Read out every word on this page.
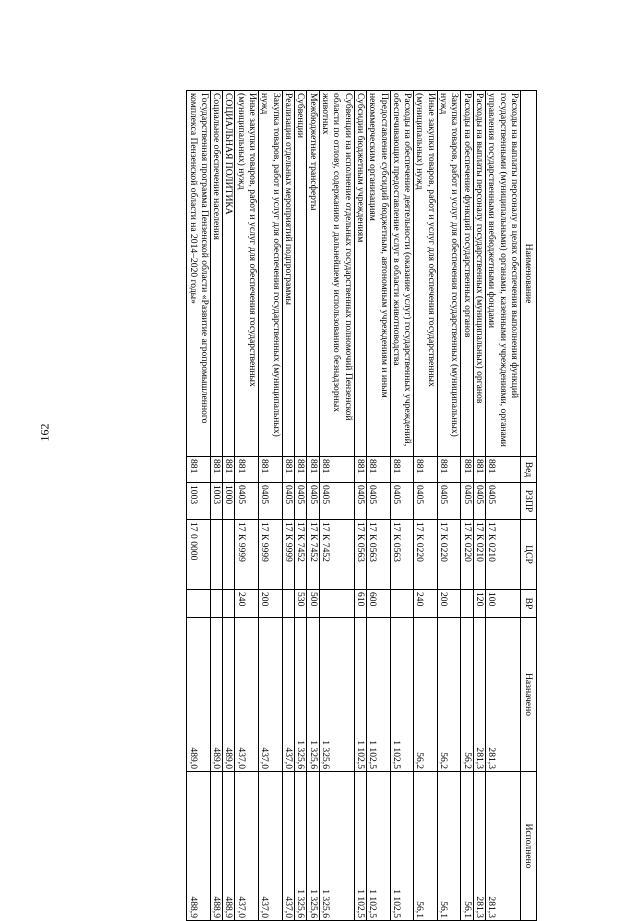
162
Наименование	Вед	РЗПР	ЦСР	ВР	Назначено	Исполнено
Расходы на выплаты персоналу в целях обеспечения выполнения функций государственными (муниципальными) органами, казенными учреждениями, органами управления государственными внебюджетными фондами	881	0405	17 К 0210	100	281,3	281,3
Расходы на выплаты персоналу государственных (муниципальных) органов	881	0405	17 К 0210	120	281,3	281,3
Расходы на обеспечение функций государственных органов	881	0405	17 К 0220		56,2	56,1
Закупка товаров, работ и услуг для обеспечения государственных (муниципальных) нужд	881	0405	17 К 0220	200	56,2	56,1
Иные закупки товаров, работ и услуг для обеспечения государственных (муниципальных) нужд	881	0405	17 К 0220	240	56,2	56,1
Расходы на обеспечение деятельности (оказание услуг) государственных учреждений, обеспечивающих предоставление услуг в области животноводства	881	0405	17 К 0563		1 102,5	1 102,5
Предоставление субсидий бюджетным, автономным учреждениям и иным некоммерческим организациям	881	0405	17 К 0563	600	1 102,5	1 102,5
Субсидии бюджетным учреждениям	881	0405	17 К 0563	610	1 102,5	1 102,5
Субвенции на исполнение отдельных государственных полномочий Пензенской области по отлову, содержанию и дальнейшему использованию безнадзорных животных	881	0405	17 К 7452		1 325,6	1 325,6
Межбюджетные трансферты	881	0405	17 К 7452	500	1 325,6	1 325,6
Субвенции	881	0405	17 К 7452	530	1 325,6	1 325,6
Реализация отдельных мероприятий подпрограммы	881	0405	17 К 9999		437,0	437,0
Закупка товаров, работ и услуг для обеспечения государственных (муниципальных) нужд	881	0405	17 К 9999	200	437,0	437,0
Иные закупки товаров, работ и услуг для обеспечения государственных (муниципальных) нужд	881	0405	17 К 9999	240	437,0	437,0
СОЦИАЛЬНАЯ ПОЛИТИКА	881	1000			489,0	488,9
Социальное обеспечение населения	881	1003			489,0	488,9
Государственная программа Пензенской области «Развитие агропромышленного комплекса Пензенской области на 2014–2020 годы»	881	1003	17 0 0000		489,0	488,9
